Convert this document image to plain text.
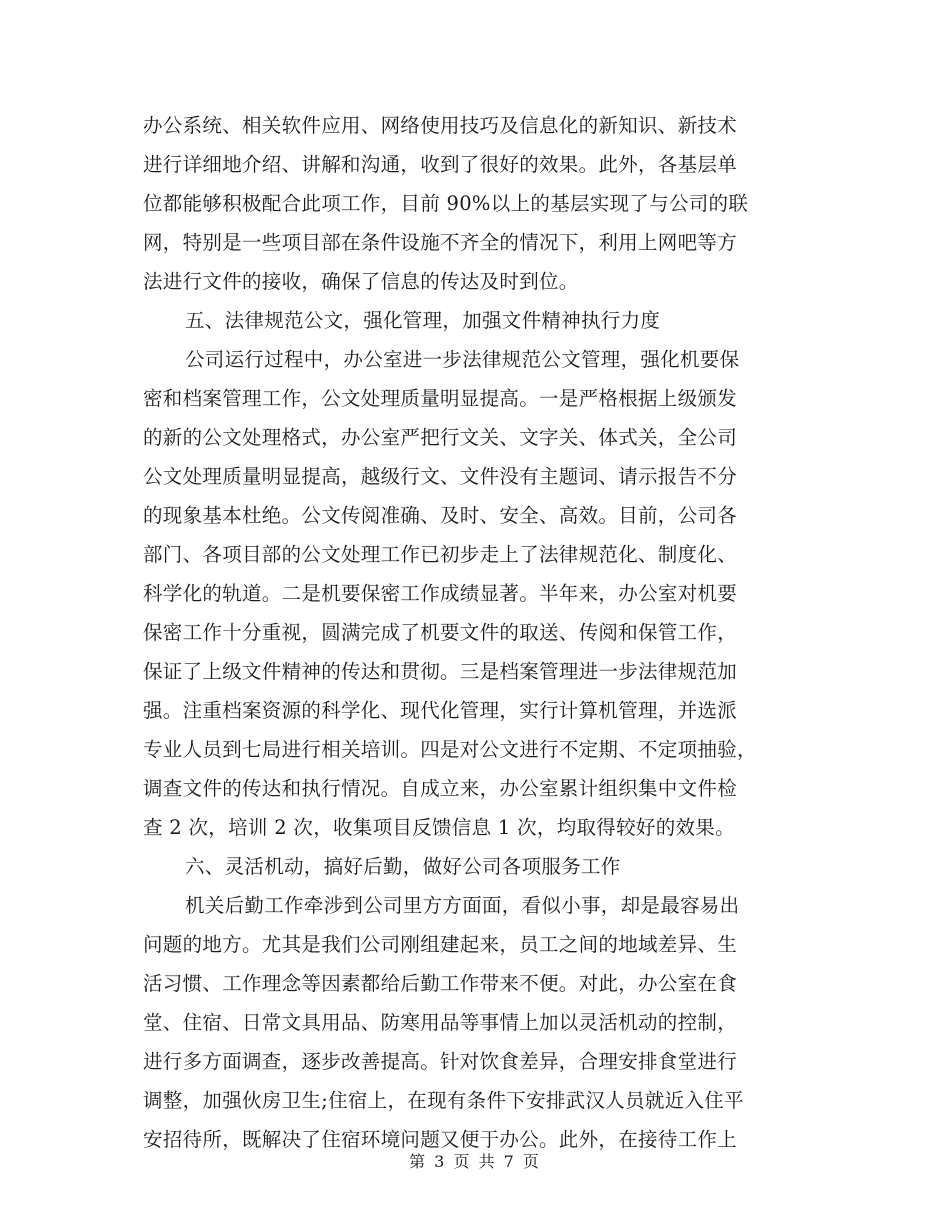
办公系统、相关软件应用、网络使用技巧及信息化的新知识、新技术
进行详细地介绍、讲解和沟通，收到了很好的效果。此外，各基层单
位都能够积极配合此项工作，目前 90%以上的基层实现了与公司的联
网，特别是一些项目部在条件设施不齐全的情况下，利用上网吧等方
法进行文件的接收，确保了信息的传达及时到位。
五、法律规范公文，强化管理，加强文件精神执行力度
公司运行过程中，办公室进一步法律规范公文管理，强化机要保
密和档案管理工作，公文处理质量明显提高。一是严格根据上级颁发
的新的公文处理格式，办公室严把行文关、文字关、体式关，全公司
公文处理质量明显提高，越级行文、文件没有主题词、请示报告不分
的现象基本杜绝。公文传阅准确、及时、安全、高效。目前，公司各
部门、各项目部的公文处理工作已初步走上了法律规范化、制度化、
科学化的轨道。二是机要保密工作成绩显著。半年来，办公室对机要
保密工作十分重视，圆满完成了机要文件的取送、传阅和保管工作，
保证了上级文件精神的传达和贯彻。三是档案管理进一步法律规范加
强。注重档案资源的科学化、现代化管理，实行计算机管理，并选派
专业人员到七局进行相关培训。四是对公文进行不定期、不定项抽验，
调查文件的传达和执行情况。自成立来，办公室累计组织集中文件检
查 2 次，培训 2 次，收集项目反馈信息 1 次，均取得较好的效果。
六、灵活机动，搞好后勤，做好公司各项服务工作
机关后勤工作牵涉到公司里方方面面，看似小事，却是最容易出
问题的地方。尤其是我们公司刚组建起来，员工之间的地域差异、生
活习惯、工作理念等因素都给后勤工作带来不便。对此，办公室在食
堂、住宿、日常文具用品、防寒用品等事情上加以灵活机动的控制，
进行多方面调查，逐步改善提高。针对饮食差异，合理安排食堂进行
调整，加强伙房卫生;住宿上，在现有条件下安排武汉人员就近入住平
安招待所，既解决了住宿环境问题又便于办公。此外，在接待工作上
第 3 页 共 7 页
